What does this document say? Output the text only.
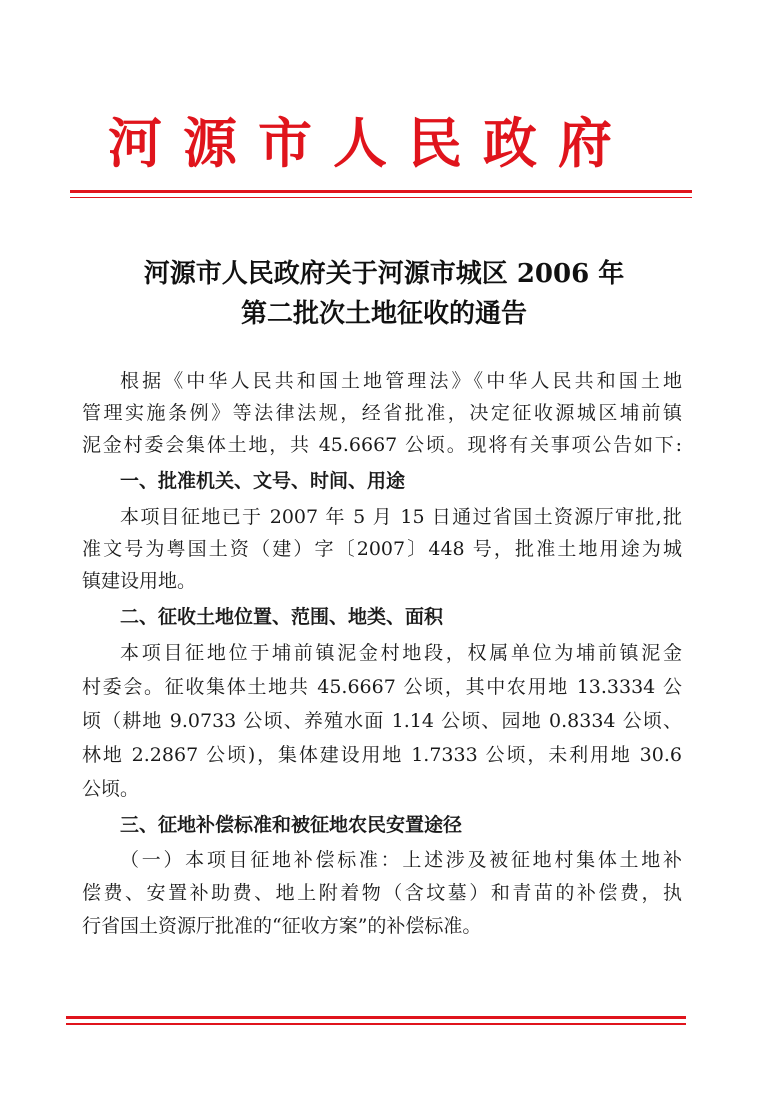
河 源 市 人 民 政 府
河源市人民政府关于河源市城区 2006 年
第二批次土地征收的通告
根据《中华人民共和国土地管理法》《中华人民共和国土地
管理实施条例》等法律法规，经省批准，决定征收源城区埔前镇
泥金村委会集体土地，共 45.6667 公顷。现将有关事项公告如下:
一、批准机关、文号、时间、用途
本项目征地已于 2007 年 5 月 15 日通过省国土资源厅审批,批
准文号为粤国土资（建）字〔2007〕448 号，批准土地用途为城
镇建设用地。
二、征收土地位置、范围、地类、面积
本项目征地位于埔前镇泥金村地段，权属单位为埔前镇泥金
村委会。征收集体土地共 45.6667 公顷，其中农用地 13.3334 公
顷（耕地 9.0733 公顷、养殖水面 1.14 公顷、园地 0.8334 公顷、
林地 2.2867 公顷)，集体建设用地 1.7333 公顷，未利用地 30.6
公顷。
三、征地补偿标准和被征地农民安置途径
（一）本项目征地补偿标准：上述涉及被征地村集体土地补
偿费、安置补助费、地上附着物（含坟墓）和青苗的补偿费，执
行省国土资源厅批准的“征收方案”的补偿标准。
